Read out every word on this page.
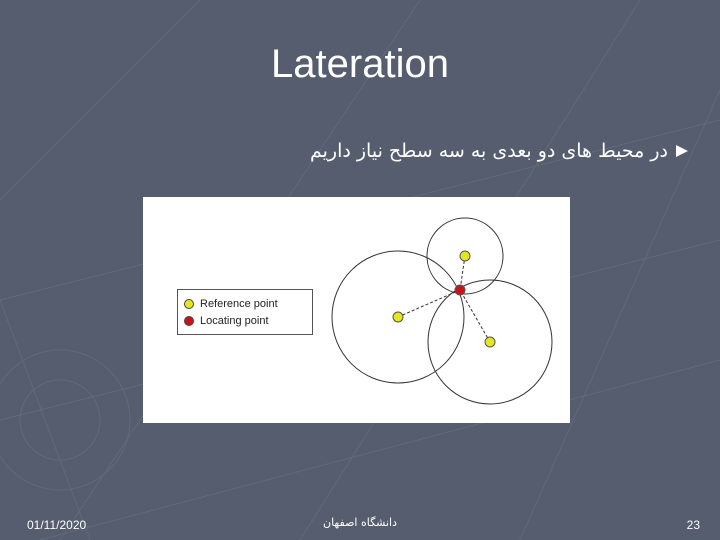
Lateration
در محیط های دو بعدی به سه سطح نیاز داریم
Reference point
Locating point
01/11/2020	دانشگاه اصفهان	23
